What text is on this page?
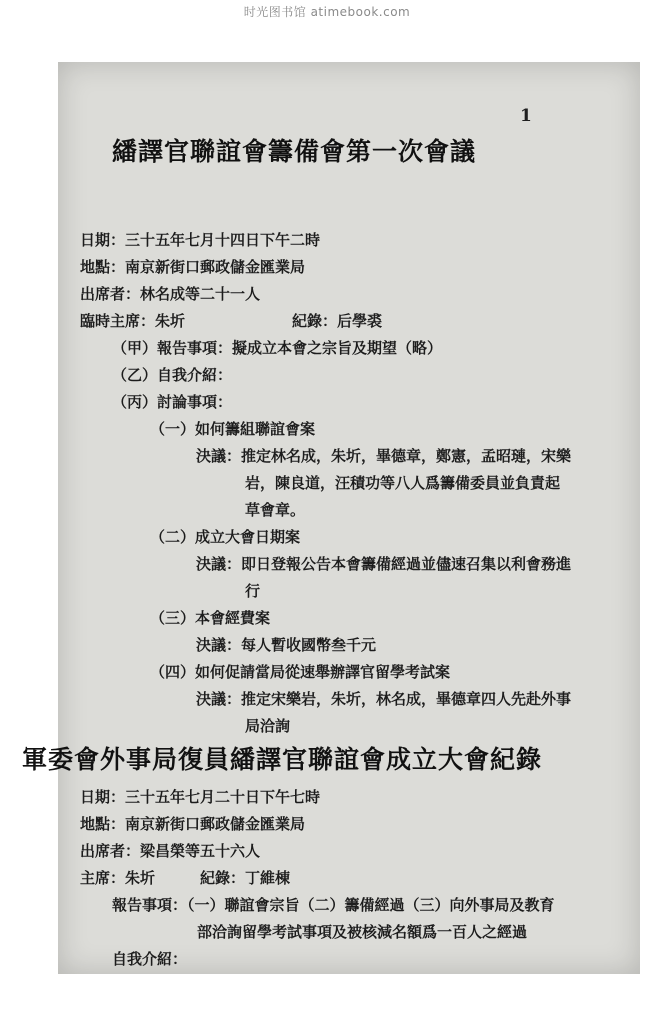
时光图书馆 atimebook.com
1
繙譯官聯誼會籌備會第一次會議
日期：三十五年七月十四日下午二時
地點：南京新街口郵政儲金匯業局
出席者：林名成等二十一人
臨時主席：朱圻	紀錄：后學裘
（甲）報告事項：擬成立本會之宗旨及期望（略）
（乙）自我介紹：
（丙）討論事項：
（一）如何籌組聯誼會案
決議：推定林名成，朱圻，畢德章，鄭憲，孟昭璉，宋樂
岩，陳良道，汪積功等八人爲籌備委員並負責起
草會章。
（二）成立大會日期案
決議：即日登報公告本會籌備經過並儘速召集以利會務進
行
（三）本會經費案
決議：每人暫收國幣叁千元
（四）如何促請當局從速舉辦譯官留學考試案
決議：推定宋樂岩，朱圻，林名成，畢德章四人先赴外事
局洽詢
軍委會外事局復員繙譯官聯誼會成立大會紀錄
日期：三十五年七月二十日下午七時
地點：南京新街口郵政儲金匯業局
出席者：梁昌榮等五十六人
主席：朱圻	紀錄：丁維棟
報告事項：（一）聯誼會宗旨（二）籌備經過（三）向外事局及教育
部洽詢留學考試事項及被核減名額爲一百人之經過
自我介紹：
